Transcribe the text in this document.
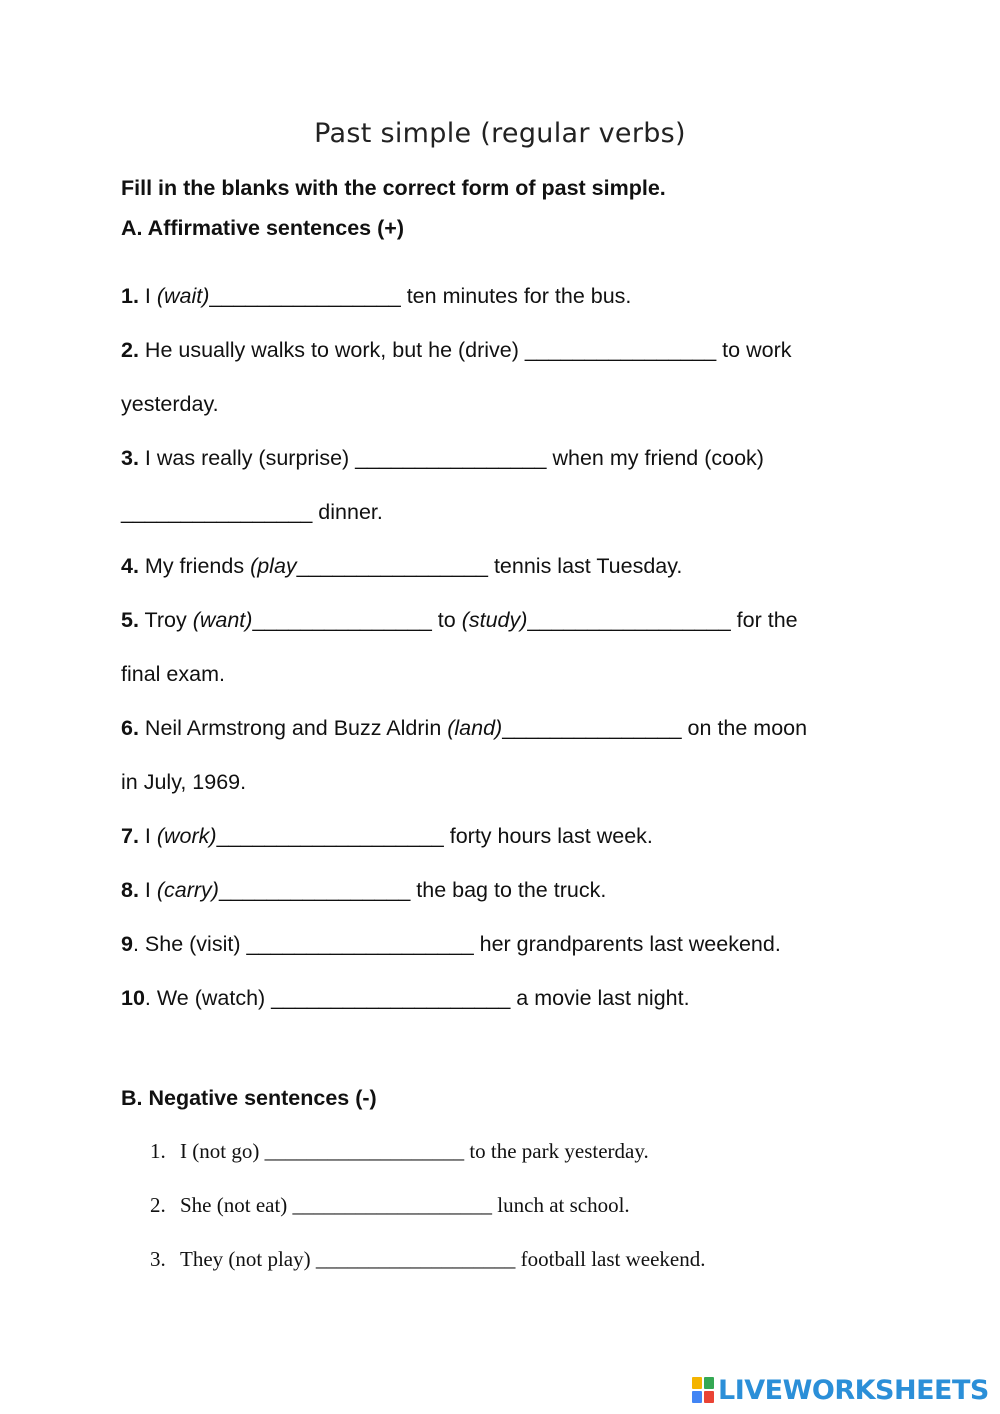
Past simple (regular verbs)
Fill in the blanks with the correct form of past simple.
A. Affirmative sentences (+)
1. I (wait)________________ ten minutes for the bus.
2. He usually walks to work, but he (drive) ________________ to work
yesterday.
3. I was really (surprise) ________________ when my friend (cook)
________________ dinner.
4. My friends (play________________ tennis last Tuesday.
5. Troy (want)_______________ to (study)_________________ for the
final exam.
6. Neil Armstrong and Buzz Aldrin (land)_______________ on the moon
in July, 1969.
7. I (work)___________________ forty hours last week.
8. I (carry)________________ the bag to the truck.
9. She (visit) ___________________ her grandparents last weekend.
10. We (watch) ____________________ a movie last night.
B. Negative sentences (-)
1. I (not go) ___________________ to the park yesterday.
2. She (not eat) ___________________ lunch at school.
3. They (not play) ___________________ football last weekend.
LIVEWORKSHEETS
